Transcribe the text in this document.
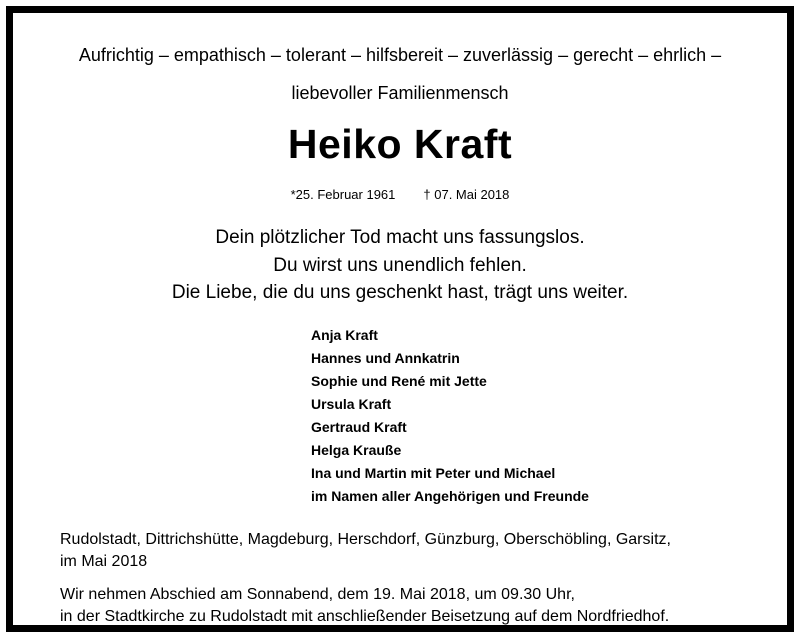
Aufrichtig – empathisch – tolerant – hilfsbereit – zuverlässig – gerecht – ehrlich –
liebevoller Familienmensch
Heiko Kraft
*25. Februar 1961 † 07. Mai 2018
Dein plötzlicher Tod macht uns fassungslos.
Du wirst uns unendlich fehlen.
Die Liebe, die du uns geschenkt hast, trägt uns weiter.
Anja Kraft
Hannes und Annkatrin
Sophie und René mit Jette
Ursula Kraft
Gertraud Kraft
Helga Krauße
Ina und Martin mit Peter und Michael
im Namen aller Angehörigen und Freunde
Rudolstadt, Dittrichshütte, Magdeburg, Herschdorf, Günzburg, Oberschöbling, Garsitz,
im Mai 2018
Wir nehmen Abschied am Sonnabend, dem 19. Mai 2018, um 09.30 Uhr,
in der Stadtkirche zu Rudolstadt mit anschließender Beisetzung auf dem Nordfriedhof.
